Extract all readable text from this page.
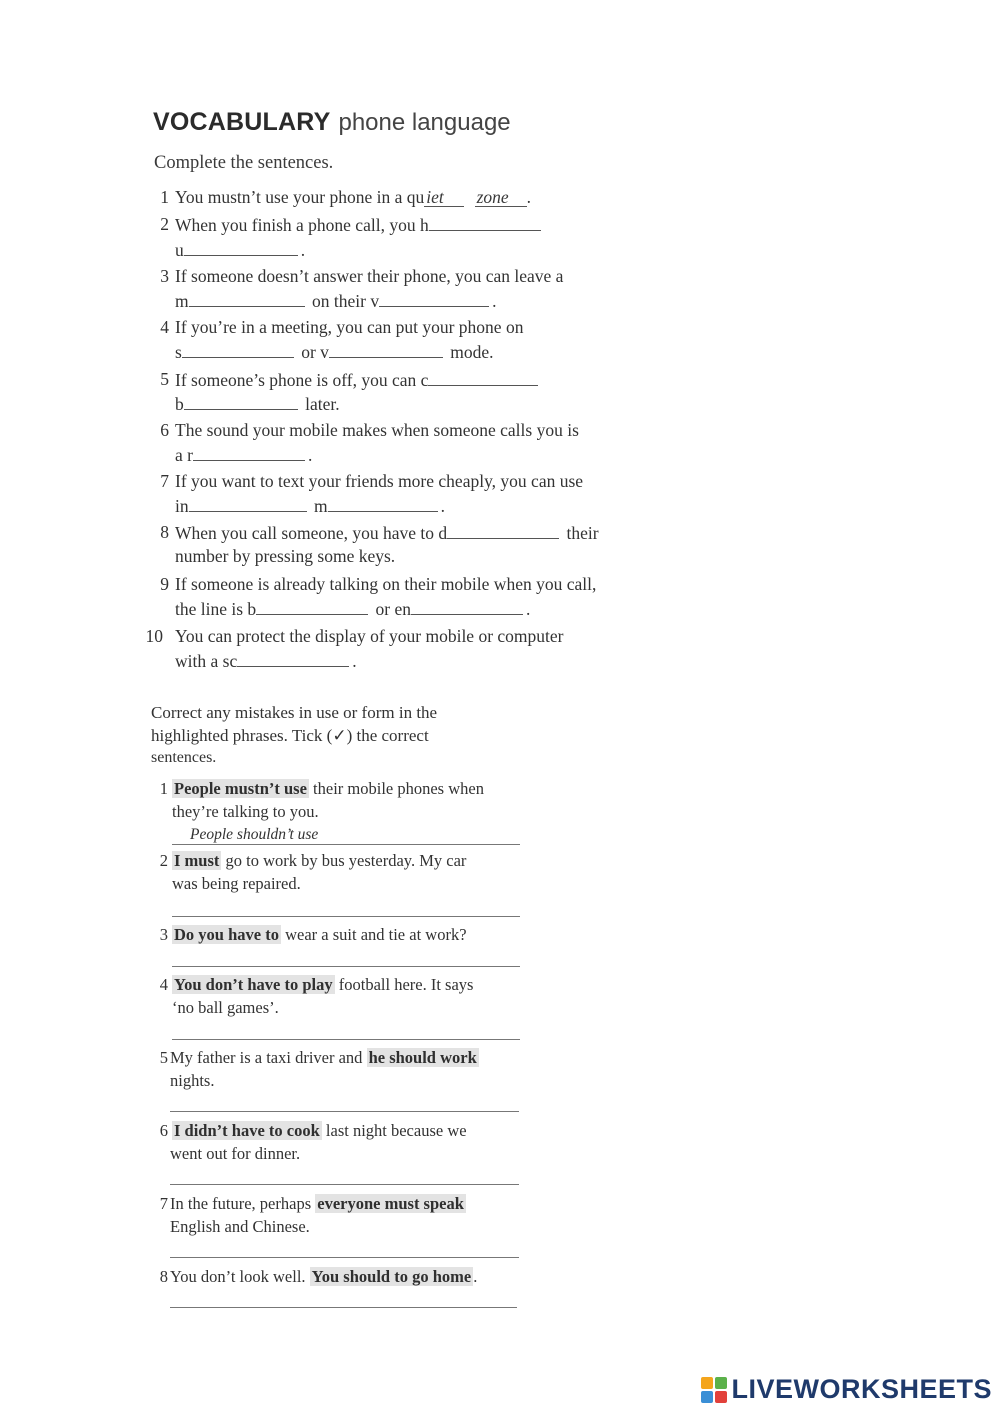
VOCABULARY phone language
Complete the sentences.
1 You mustn’t use your phone in a qu iet zone .
2 When you finish a phone call, you h
u	.
3 If someone doesn’t answer their phone, you can leave a
m	on their v	.
4 If you’re in a meeting, you can put your phone on
s	or v	mode.
5 If someone’s phone is off, you can c
b	later.
6 The sound your mobile makes when someone calls you is
a r	.
7 If you want to text your friends more cheaply, you can use
in	m	.
8 When you call someone, you have to d	their
number by pressing some keys.
9 If someone is already talking on their mobile when you call,
the line is b	or en	.
10 You can protect the display of your mobile or computer
with a sc	.
Correct any mistakes in use or form in the
highlighted phrases. Tick (✓) the correct
sentences.
1 People mustn’t use their mobile phones when
they’re talking to you.
People shouldn’t use
2 I must go to work by bus yesterday. My car
was being repaired.
3 Do you have to wear a suit and tie at work?
4 You don’t have to play football here. It says
‘no ball games’.
5 My father is a taxi driver and he should work
nights.
6 I didn’t have to cook last night because we
went out for dinner.
7 In the future, perhaps everyone must speak
English and Chinese.
8 You don’t look well. You should to go home .
LIVEWORKSHEETS
